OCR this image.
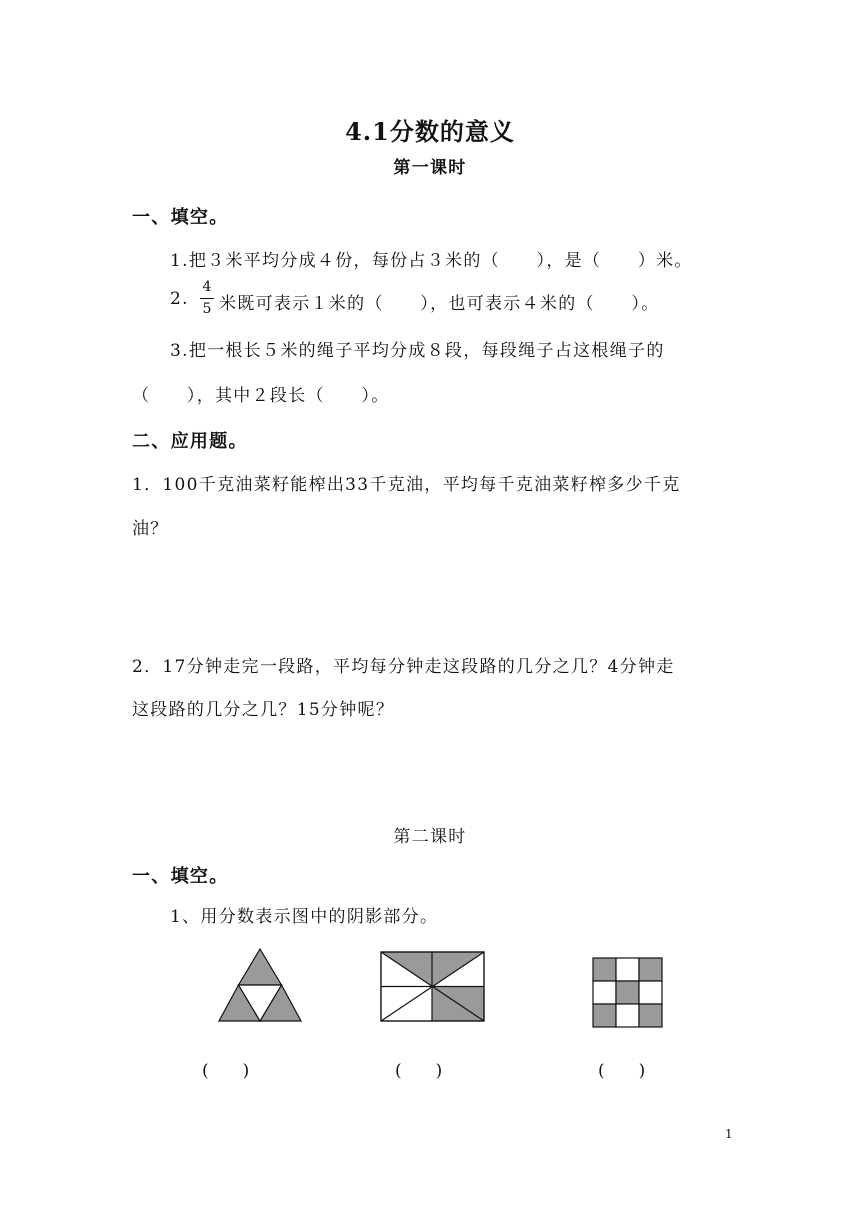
4.1分数的意义
第一课时
一、填空。
1.把３米平均分成４份，每份占３米的（　　），是（　　）米。
2.
4
5 米既可表示１米的（　　），也可表示４米的（　　）。
3.把一根长５米的绳子平均分成８段，每段绳子占这根绳子的
（　　），其中２段长（　　）。
二、应用题。
1．100千克油菜籽能榨出33千克油，平均每千克油菜籽榨多少千克
油？
2．17分钟走完一段路，平均每分钟走这段路的几分之几？4分钟走
这段路的几分之几？15分钟呢？
第二课时
一、填空。
1、用分数表示图中的阴影部分。
(　　)	(　　)	(　　)
1
